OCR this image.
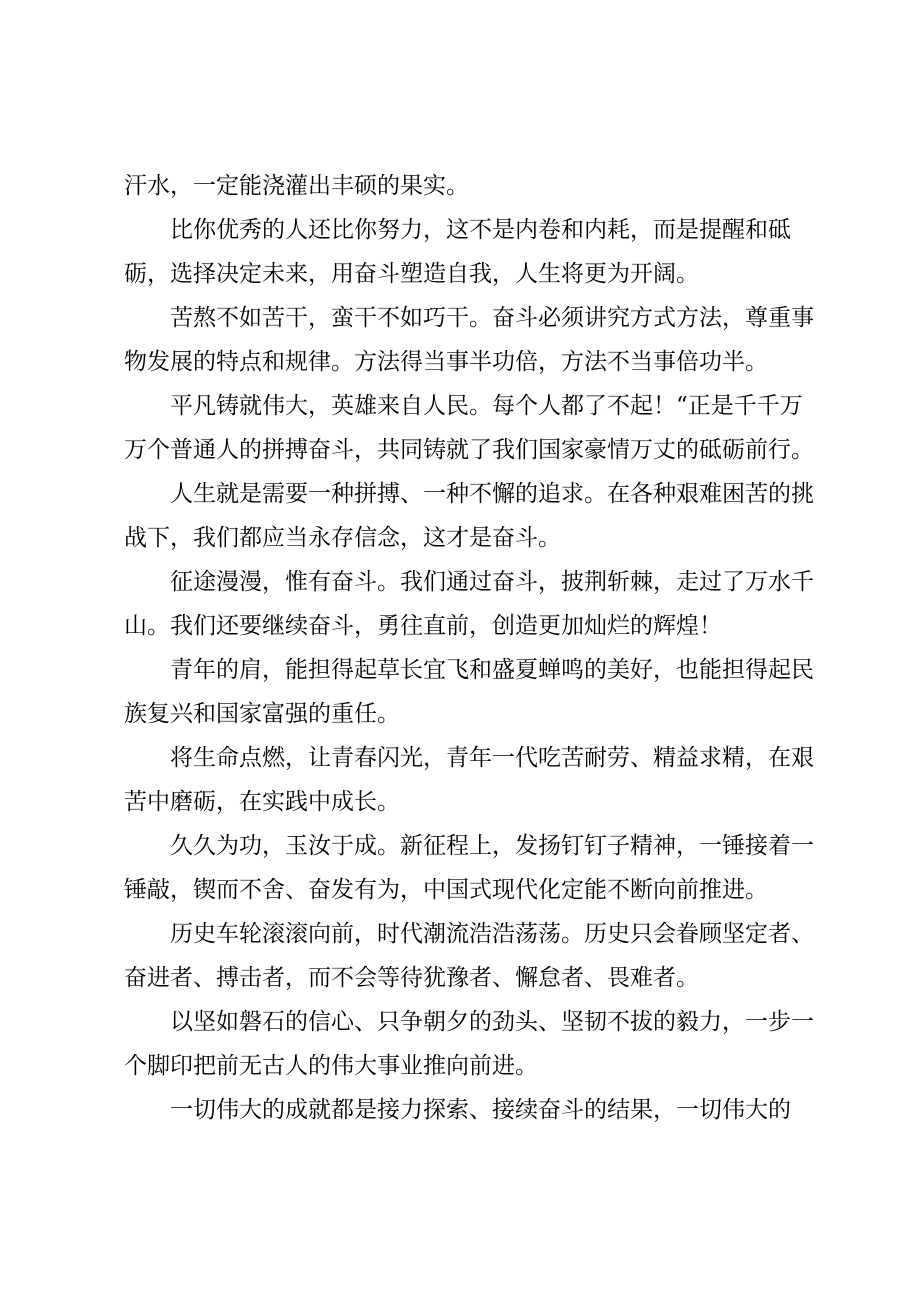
汗水，一定能浇灌出丰硕的果实。

比你优秀的人还比你努力，这不是内卷和内耗，而是提醒和砥砺，选择决定未来，用奋斗塑造自我，人生将更为开阔。

苦熬不如苦干，蛮干不如巧干。奋斗必须讲究方式方法，尊重事物发展的特点和规律。方法得当事半功倍，方法不当事倍功半。

平凡铸就伟大，英雄来自人民。每个人都了不起！“正是千千万万个普通人的拼搏奋斗，共同铸就了我们国家豪情万丈的砥砺前行。

人生就是需要一种拼搏、一种不懈的追求。在各种艰难困苦的挑战下，我们都应当永存信念，这才是奋斗。

征途漫漫，惟有奋斗。我们通过奋斗，披荆斩棘，走过了万水千山。我们还要继续奋斗，勇往直前，创造更加灿烂的辉煌！

青年的肩，能担得起草长宜飞和盛夏蝉鸣的美好，也能担得起民族复兴和国家富强的重任。

将生命点燃，让青春闪光，青年一代吃苦耐劳、精益求精，在艰苦中磨砺，在实践中成长。

久久为功，玉汝于成。新征程上，发扬钉钉子精神，一锤接着一锤敲，锲而不舍、奋发有为，中国式现代化定能不断向前推进。

历史车轮滚滚向前，时代潮流浩浩荡荡。历史只会眷顾坚定者、奋进者、搏击者，而不会等待犹豫者、懈怠者、畏难者。

以坚如磐石的信心、只争朝夕的劲头、坚韧不拔的毅力，一步一个脚印把前无古人的伟大事业推向前进。

一切伟大的成就都是接力探索、接续奋斗的结果，一切伟大的
